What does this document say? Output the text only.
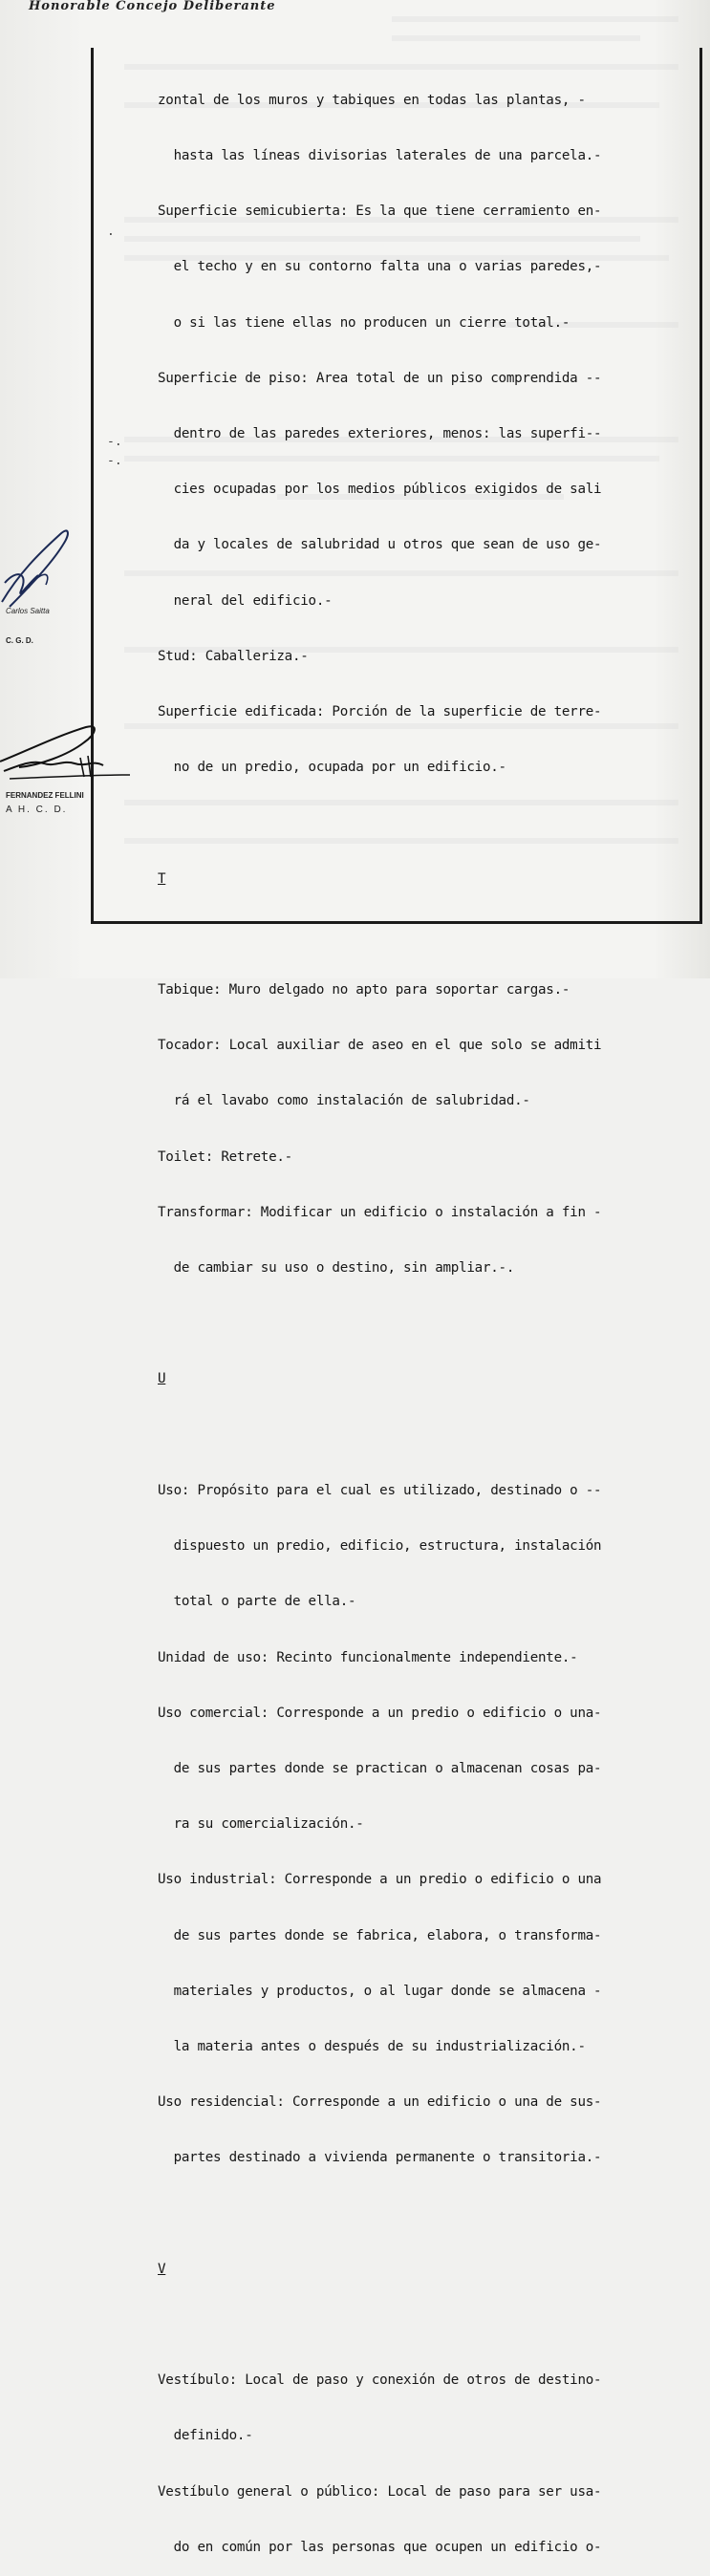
Honorable Concejo Deliberante

zontal de los muros y tabiques en todas las plantas, -

hasta las líneas divisorias laterales de una parcela.-

Superficie semicubierta: Es la que tiene cerramiento en-

el techo y en su contorno falta una o varias paredes,-

o si las tiene ellas no producen un cierre total.-

Superficie de piso: Area total de un piso comprendida --

dentro de las paredes exteriores, menos: las superfi--

cies ocupadas por los medios públicos exigidos de sali

da y locales de salubridad u otros que sean de uso ge-

neral del edificio.-

Stud: Caballeriza.-

Superficie edificada: Porción de la superficie de terre-

no de un predio, ocupada por un edificio.-

T

Tabique: Muro delgado no apto para soportar cargas.-

Tocador: Local auxiliar de aseo en el que solo se admiti

rá el lavabo como instalación de salubridad.-

Toilet: Retrete.-

Transformar: Modificar un edificio o instalación a fin -

de cambiar su uso o destino, sin ampliar.-.

U

Uso: Propósito para el cual es utilizado, destinado o --

dispuesto un predio, edificio, estructura, instalación

total o parte de ella.-

Unidad de uso: Recinto funcionalmente independiente.-

Uso comercial: Corresponde a un predio o edificio o una-

de sus partes donde se practican o almacenan cosas pa-

ra su comercialización.-

Uso industrial: Corresponde a un predio o edificio o una

de sus partes donde se fabrica, elabora, o transforma-

materiales y productos, o al lugar donde se almacena -

la materia antes o después de su industrialización.-

Uso residencial: Corresponde a un edificio o una de sus-

partes destinado a vivienda permanente o transitoria.-

V

Vestíbulo: Local de paso y conexión de otros de destino-

definido.-

Vestíbulo general o público: Local de paso para ser usa-

do en común por las personas que ocupen un edificio o-

.
-.
-.
Carlos Saitta
C. G. D.
FERNANDEZ FELLINI
A H. C. D.
